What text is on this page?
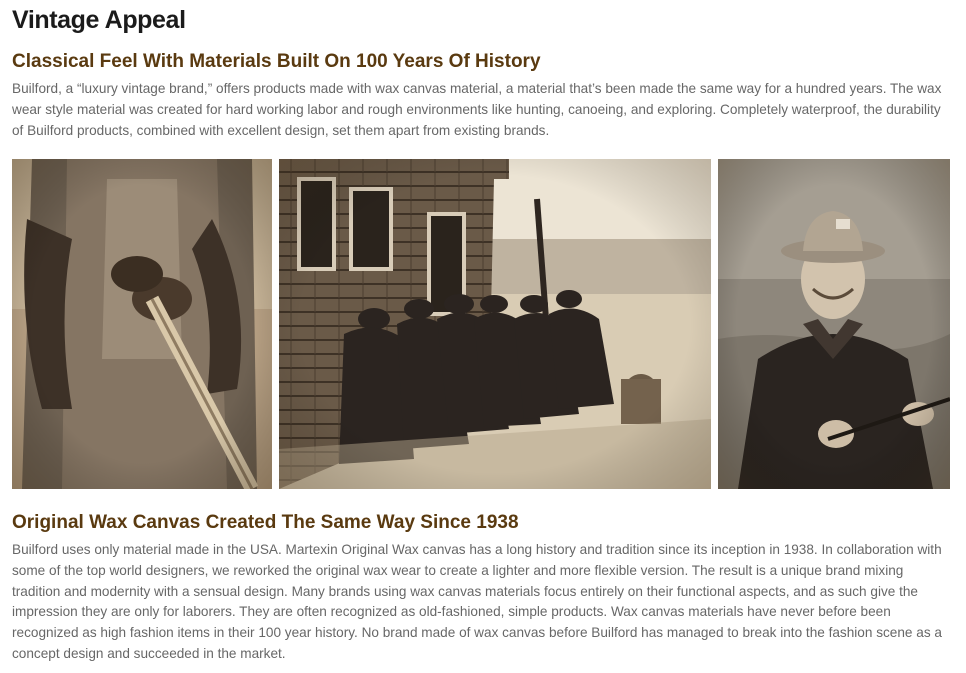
Vintage Appeal
Classical Feel With Materials Built On 100 Years Of History

Builford, a “luxury vintage brand,” offers products made with wax canvas material, a material that’s been made the same way for a hundred years. The wax wear style material was created for hard working labor and rough environments like hunting, canoeing, and exploring. Completely waterproof, the durability of Builford products, combined with excellent design, set them apart from existing brands.

Original Wax Canvas Created The Same Way Since 1938

Builford uses only material made in the USA. Martexin Original Wax canvas has a long history and tradition since its inception in 1938. In collaboration with some of the top world designers, we reworked the original wax wear to create a lighter and more flexible version. The result is a unique brand mixing tradition and modernity with a sensual design. Many brands using wax canvas materials focus entirely on their functional aspects, and as such give the impression they are only for laborers. They are often recognized as old-fashioned, simple products. Wax canvas materials have never before been recognized as high fashion items in their 100 year history. No brand made of wax canvas before Builford has managed to break into the fashion scene as a concept design and succeeded in the market.
